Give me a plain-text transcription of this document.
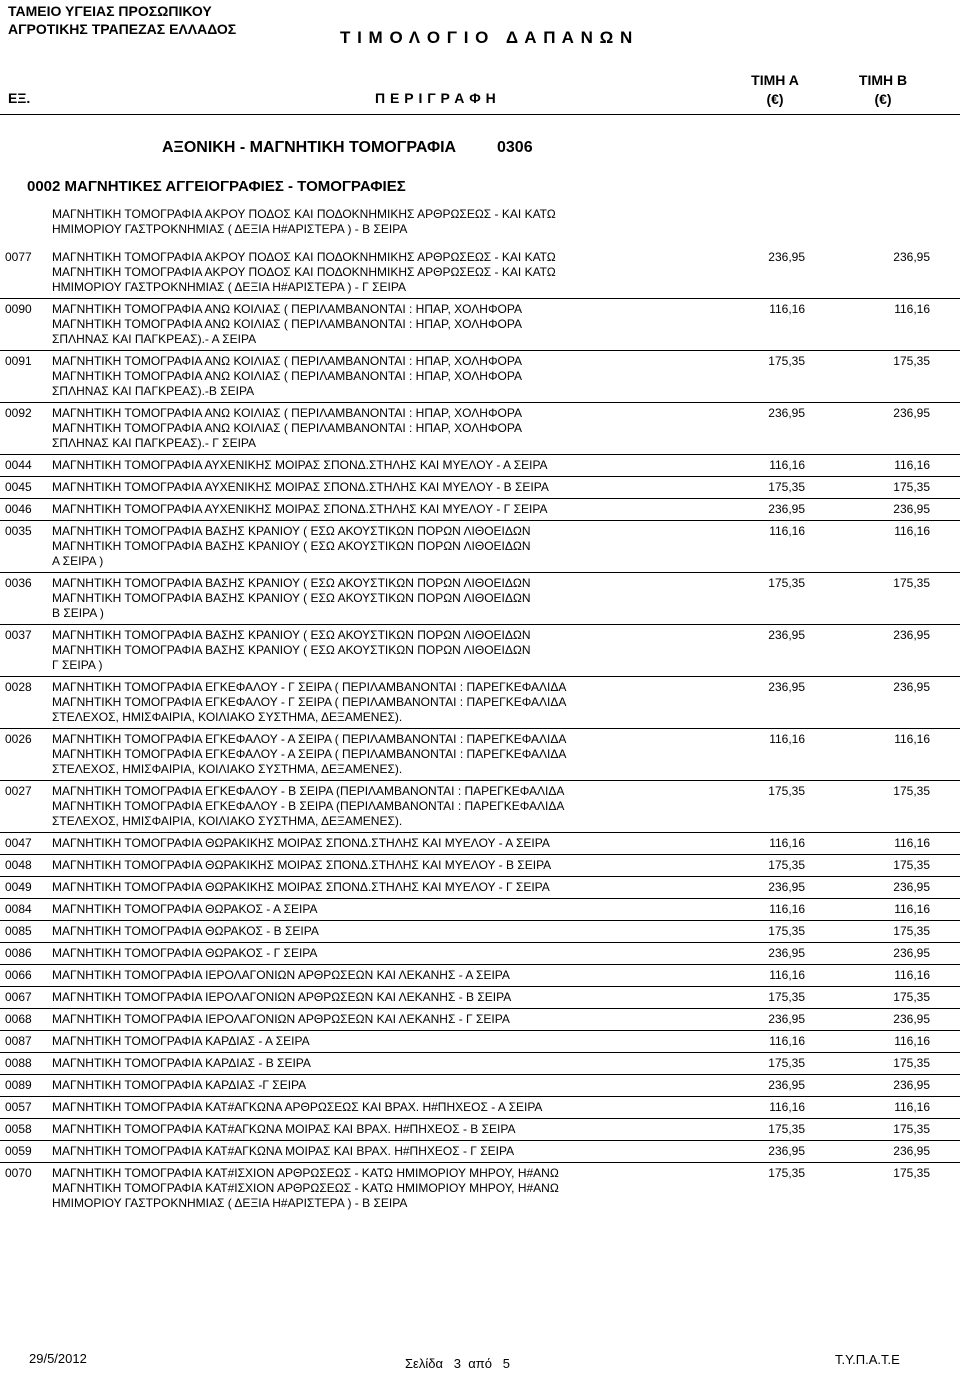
ΤΑΜΕΙΟ ΥΓΕΙΑΣ ΠΡΟΣΩΠΙΚΟΥ
ΑΓΡΟΤΙΚΗΣ ΤΡΑΠΕΖΑΣ ΕΛΛΑΔΟΣ	Τ Ι Μ Ο Λ Ο Γ Ι Ο   Δ Α Π Α Ν Ω Ν
ΕΞ.	Π Ε Ρ Ι Γ Ρ Α Φ Η
ΤΙΜΗ Α
(€)
ΤΙΜΗ Β
(€)
ΑΞΟΝΙΚΗ - ΜΑΓΝΗΤΙΚΗ ΤΟΜΟΓΡΑΦΙΑ	0306
0002 ΜΑΓΝΗΤΙΚΕΣ ΑΓΓΕΙΟΓΡΑΦΙΕΣ - ΤΟΜΟΓΡΑΦΙΕΣ
ΜΑΓΝΗΤΙΚΗ ΤΟΜΟΓΡΑΦΙΑ ΑΚΡΟΥ ΠΟΔΟΣ ΚΑΙ ΠΟΔΟΚΝΗΜΙΚΗΣ ΑΡΘΡΩΣΕΩΣ - ΚΑΙ ΚΑΤΩ
ΗΜΙΜΟΡΙΟΥ ΓΑΣΤΡΟΚΝΗΜΙΑΣ ( ΔΕΞΙΑ Η#ΑΡΙΣΤΕΡΑ ) - Β ΣΕΙΡΑ
0077 ΜΑΓΝΗΤΙΚΗ ΤΟΜΟΓΡΑΦΙΑ ΑΚΡΟΥ ΠΟΔΟΣ ΚΑΙ ΠΟΔΟΚΝΗΜΙΚΗΣ ΑΡΘΡΩΣΕΩΣ - ΚΑΙ ΚΑΤΩ
ΜΑΓΝΗΤΙΚΗ ΤΟΜΟΓΡΑΦΙΑ ΑΚΡΟΥ ΠΟΔΟΣ ΚΑΙ ΠΟΔΟΚΝΗΜΙΚΗΣ ΑΡΘΡΩΣΕΩΣ - ΚΑΙ ΚΑΤΩ
ΗΜΙΜΟΡΙΟΥ ΓΑΣΤΡΟΚΝΗΜΙΑΣ ( ΔΕΞΙΑ Η#ΑΡΙΣΤΕΡΑ ) - Γ ΣΕΙΡΑ
236,95	236,95
0090 ΜΑΓΝΗΤΙΚΗ ΤΟΜΟΓΡΑΦΙΑ ΑΝΩ ΚΟΙΛΙΑΣ ( ΠΕΡΙΛΑΜΒΑΝΟΝΤΑΙ : ΗΠΑΡ, ΧΟΛΗΦΟΡΑ
ΜΑΓΝΗΤΙΚΗ ΤΟΜΟΓΡΑΦΙΑ ΑΝΩ ΚΟΙΛΙΑΣ ( ΠΕΡΙΛΑΜΒΑΝΟΝΤΑΙ : ΗΠΑΡ, ΧΟΛΗΦΟΡΑ
ΣΠΛΗΝΑΣ ΚΑΙ ΠΑΓΚΡΕΑΣ).- Α ΣΕΙΡΑ
116,16	116,16
0091 ΜΑΓΝΗΤΙΚΗ ΤΟΜΟΓΡΑΦΙΑ ΑΝΩ ΚΟΙΛΙΑΣ ( ΠΕΡΙΛΑΜΒΑΝΟΝΤΑΙ : ΗΠΑΡ, ΧΟΛΗΦΟΡΑ
ΜΑΓΝΗΤΙΚΗ ΤΟΜΟΓΡΑΦΙΑ ΑΝΩ ΚΟΙΛΙΑΣ ( ΠΕΡΙΛΑΜΒΑΝΟΝΤΑΙ : ΗΠΑΡ, ΧΟΛΗΦΟΡΑ
ΣΠΛΗΝΑΣ ΚΑΙ ΠΑΓΚΡΕΑΣ).-Β ΣΕΙΡΑ
175,35	175,35
0092 ΜΑΓΝΗΤΙΚΗ ΤΟΜΟΓΡΑΦΙΑ ΑΝΩ ΚΟΙΛΙΑΣ ( ΠΕΡΙΛΑΜΒΑΝΟΝΤΑΙ : ΗΠΑΡ, ΧΟΛΗΦΟΡΑ
ΜΑΓΝΗΤΙΚΗ ΤΟΜΟΓΡΑΦΙΑ ΑΝΩ ΚΟΙΛΙΑΣ ( ΠΕΡΙΛΑΜΒΑΝΟΝΤΑΙ : ΗΠΑΡ, ΧΟΛΗΦΟΡΑ
ΣΠΛΗΝΑΣ ΚΑΙ ΠΑΓΚΡΕΑΣ).- Γ ΣΕΙΡΑ
236,95	236,95
0044 ΜΑΓΝΗΤΙΚΗ ΤΟΜΟΓΡΑΦΙΑ ΑΥΧΕΝΙΚΗΣ ΜΟΙΡΑΣ ΣΠΟΝΔ.ΣΤΗΛΗΣ ΚΑΙ ΜΥΕΛΟΥ - Α ΣΕΙΡΑ	116,16	116,16
0045 ΜΑΓΝΗΤΙΚΗ ΤΟΜΟΓΡΑΦΙΑ ΑΥΧΕΝΙΚΗΣ ΜΟΙΡΑΣ ΣΠΟΝΔ.ΣΤΗΛΗΣ ΚΑΙ ΜΥΕΛΟΥ - Β ΣΕΙΡΑ	175,35	175,35
0046 ΜΑΓΝΗΤΙΚΗ ΤΟΜΟΓΡΑΦΙΑ ΑΥΧΕΝΙΚΗΣ ΜΟΙΡΑΣ ΣΠΟΝΔ.ΣΤΗΛΗΣ ΚΑΙ ΜΥΕΛΟΥ - Γ ΣΕΙΡΑ	236,95	236,95
0035 ΜΑΓΝΗΤΙΚΗ ΤΟΜΟΓΡΑΦΙΑ ΒΑΣΗΣ ΚΡΑΝΙΟΥ ( ΕΣΩ ΑΚΟΥΣΤΙΚΩΝ ΠΟΡΩΝ ΛΙΘΟΕΙΔΩΝ
ΜΑΓΝΗΤΙΚΗ ΤΟΜΟΓΡΑΦΙΑ ΒΑΣΗΣ ΚΡΑΝΙΟΥ ( ΕΣΩ ΑΚΟΥΣΤΙΚΩΝ ΠΟΡΩΝ ΛΙΘΟΕΙΔΩΝ
Α ΣΕΙΡΑ )
116,16	116,16
0036 ΜΑΓΝΗΤΙΚΗ ΤΟΜΟΓΡΑΦΙΑ ΒΑΣΗΣ ΚΡΑΝΙΟΥ ( ΕΣΩ ΑΚΟΥΣΤΙΚΩΝ ΠΟΡΩΝ ΛΙΘΟΕΙΔΩΝ
ΜΑΓΝΗΤΙΚΗ ΤΟΜΟΓΡΑΦΙΑ ΒΑΣΗΣ ΚΡΑΝΙΟΥ ( ΕΣΩ ΑΚΟΥΣΤΙΚΩΝ ΠΟΡΩΝ ΛΙΘΟΕΙΔΩΝ
Β ΣΕΙΡΑ )
175,35	175,35
0037 ΜΑΓΝΗΤΙΚΗ ΤΟΜΟΓΡΑΦΙΑ ΒΑΣΗΣ ΚΡΑΝΙΟΥ ( ΕΣΩ ΑΚΟΥΣΤΙΚΩΝ ΠΟΡΩΝ ΛΙΘΟΕΙΔΩΝ
ΜΑΓΝΗΤΙΚΗ ΤΟΜΟΓΡΑΦΙΑ ΒΑΣΗΣ ΚΡΑΝΙΟΥ ( ΕΣΩ ΑΚΟΥΣΤΙΚΩΝ ΠΟΡΩΝ ΛΙΘΟΕΙΔΩΝ
Γ ΣΕΙΡΑ )
236,95	236,95
0028 ΜΑΓΝΗΤΙΚΗ ΤΟΜΟΓΡΑΦΙΑ ΕΓΚΕΦΑΛΟΥ - Γ ΣΕΙΡΑ ( ΠΕΡΙΛΑΜΒΑΝΟΝΤΑΙ : ΠΑΡΕΓΚΕΦΑΛΙΔΑ
ΜΑΓΝΗΤΙΚΗ ΤΟΜΟΓΡΑΦΙΑ ΕΓΚΕΦΑΛΟΥ - Γ ΣΕΙΡΑ ( ΠΕΡΙΛΑΜΒΑΝΟΝΤΑΙ : ΠΑΡΕΓΚΕΦΑΛΙΔΑ
ΣΤΕΛΕΧΟΣ, ΗΜΙΣΦΑΙΡΙΑ, ΚΟΙΛΙΑΚΟ ΣΥΣΤΗΜΑ, ΔΕΞΑΜΕΝΕΣ).
236,95	236,95
0026 ΜΑΓΝΗΤΙΚΗ ΤΟΜΟΓΡΑΦΙΑ ΕΓΚΕΦΑΛΟΥ - Α ΣΕΙΡΑ ( ΠΕΡΙΛΑΜΒΑΝΟΝΤΑΙ : ΠΑΡΕΓΚΕΦΑΛΙΔΑ
ΜΑΓΝΗΤΙΚΗ ΤΟΜΟΓΡΑΦΙΑ ΕΓΚΕΦΑΛΟΥ - Α ΣΕΙΡΑ ( ΠΕΡΙΛΑΜΒΑΝΟΝΤΑΙ : ΠΑΡΕΓΚΕΦΑΛΙΔΑ
ΣΤΕΛΕΧΟΣ, ΗΜΙΣΦΑΙΡΙΑ, ΚΟΙΛΙΑΚΟ ΣΥΣΤΗΜΑ, ΔΕΞΑΜΕΝΕΣ).
116,16	116,16
0027 ΜΑΓΝΗΤΙΚΗ ΤΟΜΟΓΡΑΦΙΑ ΕΓΚΕΦΑΛΟΥ - Β ΣΕΙΡΑ (ΠΕΡΙΛΑΜΒΑΝΟΝΤΑΙ : ΠΑΡΕΓΚΕΦΑΛΙΔΑ
ΜΑΓΝΗΤΙΚΗ ΤΟΜΟΓΡΑΦΙΑ ΕΓΚΕΦΑΛΟΥ - Β ΣΕΙΡΑ (ΠΕΡΙΛΑΜΒΑΝΟΝΤΑΙ : ΠΑΡΕΓΚΕΦΑΛΙΔΑ
ΣΤΕΛΕΧΟΣ, ΗΜΙΣΦΑΙΡΙΑ, ΚΟΙΛΙΑΚΟ ΣΥΣΤΗΜΑ, ΔΕΞΑΜΕΝΕΣ).
175,35	175,35
0047 ΜΑΓΝΗΤΙΚΗ ΤΟΜΟΓΡΑΦΙΑ ΘΩΡΑΚΙΚΗΣ ΜΟΙΡΑΣ ΣΠΟΝΔ.ΣΤΗΛΗΣ ΚΑΙ ΜΥΕΛΟΥ - Α ΣΕΙΡΑ	116,16	116,16
0048 ΜΑΓΝΗΤΙΚΗ ΤΟΜΟΓΡΑΦΙΑ ΘΩΡΑΚΙΚΗΣ ΜΟΙΡΑΣ ΣΠΟΝΔ.ΣΤΗΛΗΣ ΚΑΙ ΜΥΕΛΟΥ - Β ΣΕΙΡΑ	175,35	175,35
0049 ΜΑΓΝΗΤΙΚΗ ΤΟΜΟΓΡΑΦΙΑ ΘΩΡΑΚΙΚΗΣ ΜΟΙΡΑΣ ΣΠΟΝΔ.ΣΤΗΛΗΣ ΚΑΙ ΜΥΕΛΟΥ - Γ ΣΕΙΡΑ	236,95	236,95
0084 ΜΑΓΝΗΤΙΚΗ ΤΟΜΟΓΡΑΦΙΑ ΘΩΡΑΚΟΣ - Α ΣΕΙΡΑ	116,16	116,16
0085 ΜΑΓΝΗΤΙΚΗ ΤΟΜΟΓΡΑΦΙΑ ΘΩΡΑΚΟΣ - Β ΣΕΙΡΑ	175,35	175,35
0086 ΜΑΓΝΗΤΙΚΗ ΤΟΜΟΓΡΑΦΙΑ ΘΩΡΑΚΟΣ - Γ ΣΕΙΡΑ	236,95	236,95
0066 ΜΑΓΝΗΤΙΚΗ ΤΟΜΟΓΡΑΦΙΑ ΙΕΡΟΛΑΓΟΝΙΩΝ ΑΡΘΡΩΣΕΩΝ ΚΑΙ ΛΕΚΑΝΗΣ - Α ΣΕΙΡΑ	116,16	116,16
0067 ΜΑΓΝΗΤΙΚΗ ΤΟΜΟΓΡΑΦΙΑ ΙΕΡΟΛΑΓΟΝΙΩΝ ΑΡΘΡΩΣΕΩΝ ΚΑΙ ΛΕΚΑΝΗΣ - Β ΣΕΙΡΑ	175,35	175,35
0068 ΜΑΓΝΗΤΙΚΗ ΤΟΜΟΓΡΑΦΙΑ ΙΕΡΟΛΑΓΟΝΙΩΝ ΑΡΘΡΩΣΕΩΝ ΚΑΙ ΛΕΚΑΝΗΣ - Γ ΣΕΙΡΑ	236,95	236,95
0087 ΜΑΓΝΗΤΙΚΗ ΤΟΜΟΓΡΑΦΙΑ ΚΑΡΔΙΑΣ - Α ΣΕΙΡΑ	116,16	116,16
0088 ΜΑΓΝΗΤΙΚΗ ΤΟΜΟΓΡΑΦΙΑ ΚΑΡΔΙΑΣ - Β ΣΕΙΡΑ	175,35	175,35
0089 ΜΑΓΝΗΤΙΚΗ ΤΟΜΟΓΡΑΦΙΑ ΚΑΡΔΙΑΣ -Γ ΣΕΙΡΑ	236,95	236,95
0057 ΜΑΓΝΗΤΙΚΗ ΤΟΜΟΓΡΑΦΙΑ ΚΑΤ#ΑΓΚΩΝΑ ΑΡΘΡΩΣΕΩΣ ΚΑΙ ΒΡΑΧ. Η#ΠΗΧΕΟΣ - Α ΣΕΙΡΑ	116,16	116,16
0058 ΜΑΓΝΗΤΙΚΗ ΤΟΜΟΓΡΑΦΙΑ ΚΑΤ#ΑΓΚΩΝΑ ΜΟΙΡΑΣ ΚΑΙ ΒΡΑΧ. Η#ΠΗΧΕΟΣ - Β ΣΕΙΡΑ	175,35	175,35
0059 ΜΑΓΝΗΤΙΚΗ ΤΟΜΟΓΡΑΦΙΑ ΚΑΤ#ΑΓΚΩΝΑ ΜΟΙΡΑΣ ΚΑΙ ΒΡΑΧ. Η#ΠΗΧΕΟΣ - Γ ΣΕΙΡΑ	236,95	236,95
0070 ΜΑΓΝΗΤΙΚΗ ΤΟΜΟΓΡΑΦΙΑ ΚΑΤ#ΙΣΧΙΟΝ ΑΡΘΡΩΣΕΩΣ - ΚΑΤΩ ΗΜΙΜΟΡΙΟΥ ΜΗΡΟΥ, Η#ΑΝΩ
ΜΑΓΝΗΤΙΚΗ ΤΟΜΟΓΡΑΦΙΑ ΚΑΤ#ΙΣΧΙΟΝ ΑΡΘΡΩΣΕΩΣ - ΚΑΤΩ ΗΜΙΜΟΡΙΟΥ ΜΗΡΟΥ, Η#ΑΝΩ
ΗΜΙΜΟΡΙΟΥ ΓΑΣΤΡΟΚΝΗΜΙΑΣ ( ΔΕΞΙΑ Η#ΑΡΙΣΤΕΡΑ ) - Β ΣΕΙΡΑ
175,35	175,35
29/5/2012	Σελίδα   3  από   5	Τ.Υ.Π.Α.Τ.Ε
